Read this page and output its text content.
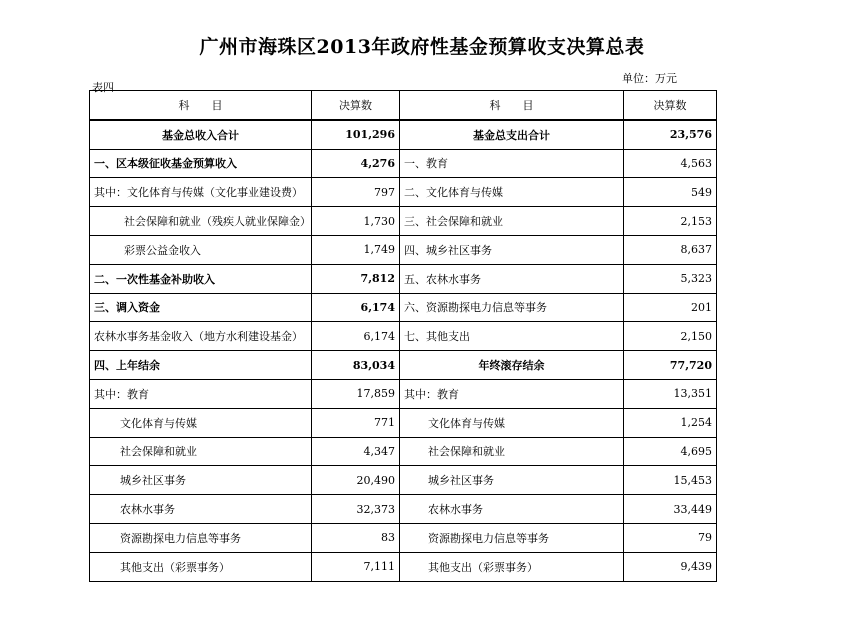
广州市海珠区2013年政府性基金预算收支决算总表
单位：万元
表四
科　　目	决算数	科　　目	决算数
基金总收入合计	101,296	基金总支出合计	23,576
一、区本级征收基金预算收入	4,276	一、教育	4,563
其中：文化体育与传媒（文化事业建设费）	797	二、文化体育与传媒	549
社会保障和就业（残疾人就业保障金）	1,730	三、社会保障和就业	2,153
彩票公益金收入	1,749	四、城乡社区事务	8,637
二、一次性基金补助收入	7,812	五、农林水事务	5,323
三、调入资金	6,174	六、资源勘探电力信息等事务	201
农林水事务基金收入（地方水利建设基金）	6,174	七、其他支出	2,150
四、上年结余	83,034	年终滚存结余	77,720
其中：教育	17,859	其中：教育	13,351
文化体育与传媒	771	文化体育与传媒	1,254
社会保障和就业	4,347	社会保障和就业	4,695
城乡社区事务	20,490	城乡社区事务	15,453
农林水事务	32,373	农林水事务	33,449
资源勘探电力信息等事务	83	资源勘探电力信息等事务	79
其他支出（彩票事务）	7,111	其他支出（彩票事务）	9,439
